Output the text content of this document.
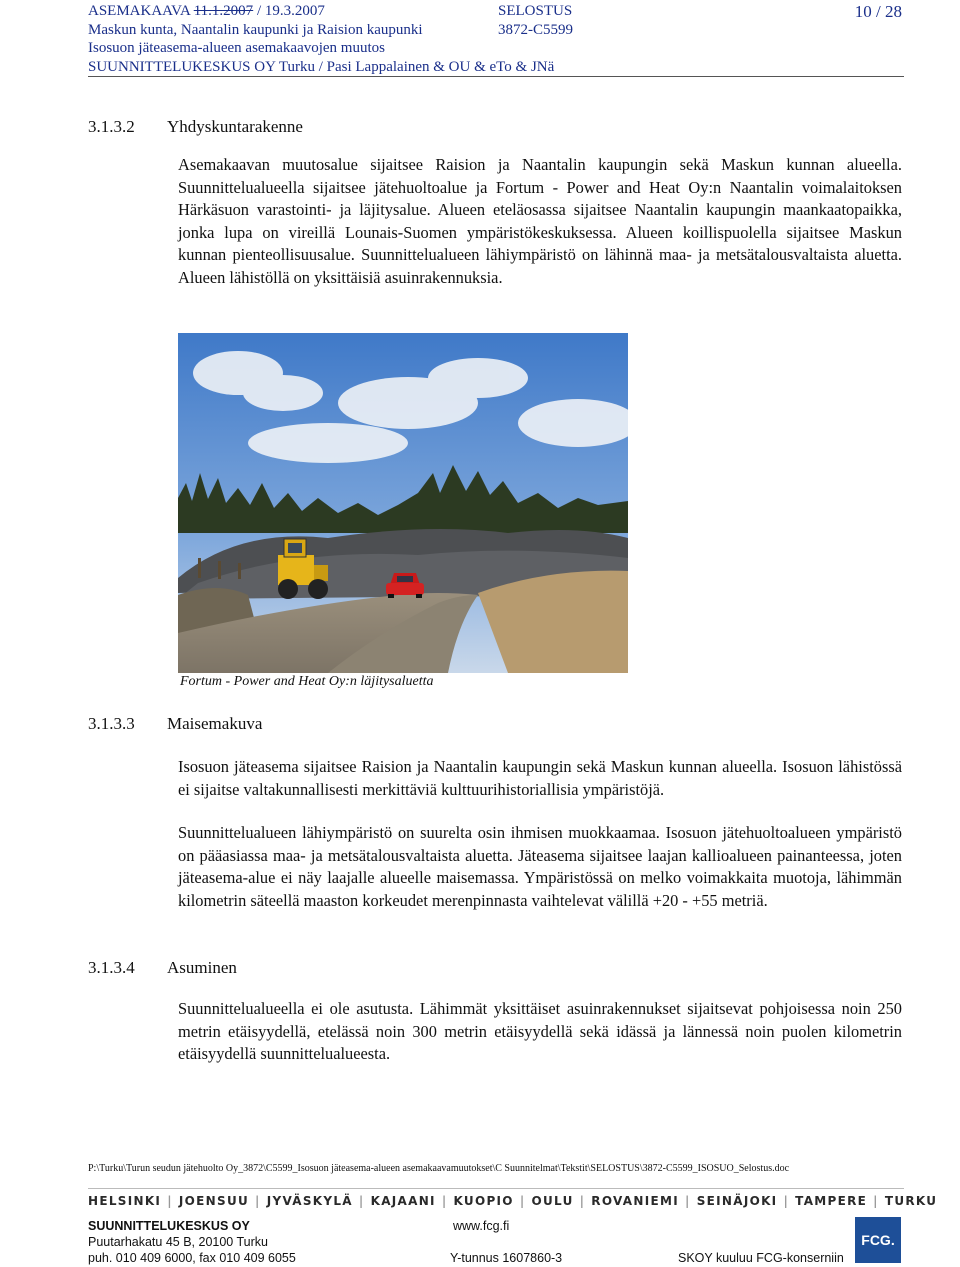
ASEMAKAAVA 11.1.2007 / 19.3.2007
Maskun kunta, Naantalin kaupunki ja Raision kaupunki
Isosuon jäteasema-alueen asemakaavojen muutos
SUUNNITTELUKESKUS OY Turku / Pasi Lappalainen & OU & eTo & JNä
SELOSTUS
3872-C5599
10 / 28
3.1.3.2 Yhdyskuntarakenne

Asemakaavan muutosalue sijaitsee Raision ja Naantalin kaupungin sekä Maskun kunnan alueella. Suunnittelualueella sijaitsee jätehuoltoalue ja Fortum - Power and Heat Oy:n Naantalin voimalaitoksen Härkäsuon varastointi- ja läjitysalue. Alueen eteläosassa sijaitsee Naantalin kaupungin maankaatopaikka, jonka lupa on vireillä Lounais-Suomen ympäristökeskuksessa. Alueen koillispuolella sijaitsee Maskun kunnan pienteollisuusalue. Suunnittelualueen lähiympäristö on lähinnä maa- ja metsätalousvaltaista aluetta. Alueen lähistöllä on yksittäisiä asuinrakennuksia.

Fortum - Power and Heat Oy:n läjitysaluetta
3.1.3.3 Maisemakuva

Isosuon jäteasema sijaitsee Raision ja Naantalin kaupungin sekä Maskun kunnan alueella. Isosuon lähistössä ei sijaitse valtakunnallisesti merkittäviä kulttuurihistoriallisia ympäristöjä.

Suunnittelualueen lähiympäristö on suurelta osin ihmisen muokkaamaa. Isosuon jätehuoltoalueen ympäristö on pääasiassa maa- ja metsätalousvaltaista aluetta. Jäteasema sijaitsee laajan kallioalueen painanteessa, joten jäteasema-alue ei näy laajalle alueelle maisemassa. Ympäristössä on melko voimakkaita muotoja, lähimmän kilometrin säteellä maaston korkeudet merenpinnasta vaihtelevat välillä +20 - +55 metriä.

3.1.3.4 Asuminen

Suunnittelualueella ei ole asutusta. Lähimmät yksittäiset asuinrakennukset sijaitsevat pohjoisessa noin 250 metrin etäisyydellä, etelässä noin 300 metrin etäisyydellä sekä idässä ja lännessä noin puolen kilometrin etäisyydellä suunnittelualueesta.

P:\Turku\Turun seudun jätehuolto Oy_3872\C5599_Isosuon jäteasema-alueen asemakaavamuutokset\C Suunnitelmat\Tekstit\SELOSTUS\3872-C5599_ISOSUO_Selostus.doc
HELSINKI | JOENSUU | JYVÄSKYLÄ | KAJAANI | KUOPIO | OULU | ROVANIEMI | SEINÄJOKI | TAMPERE | TURKU
SUUNNITTELUKESKUS OY
Puutarhakatu 45 B, 20100 Turku
puh. 010 409 6000, fax 010 409 6055
www.fcg.fi
Y-tunnus 1607860-3	SKOY kuuluu FCG-konserniin
FCG.
